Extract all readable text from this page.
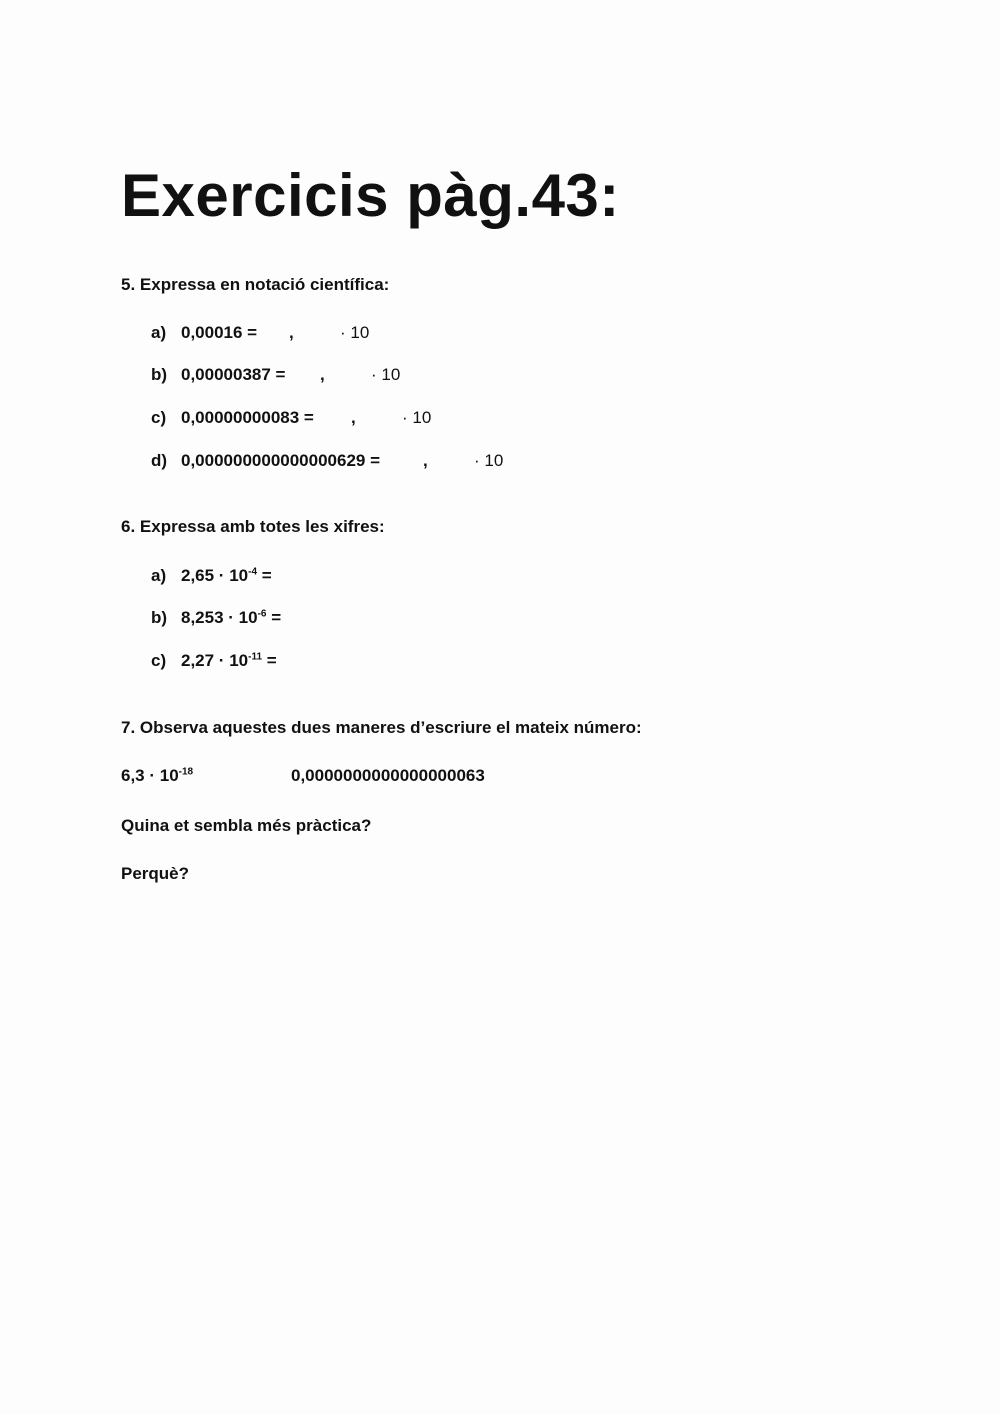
Exercicis pàg.43:

5. Expressa en notació científica:

a) 0,00016 = ,	· 10
b) 0,00000387 = ,	· 10
c) 0,00000000083 = ,	· 10
d) 0,000000000000000629 =	,	· 10

6. Expressa amb totes les xifres:

a) $2,65 \cdot 10^{-4}$ =
b) $8,253 \cdot 10^{-6}$ =
c) $2,27 \cdot 10^{-11}$ =

7. Observa aquestes dues maneres d’escriure el mateix número:

$6,3 \cdot 10^{-18}$	0,0000000000000000063
Quina et sembla més pràctica?
Perquè?
